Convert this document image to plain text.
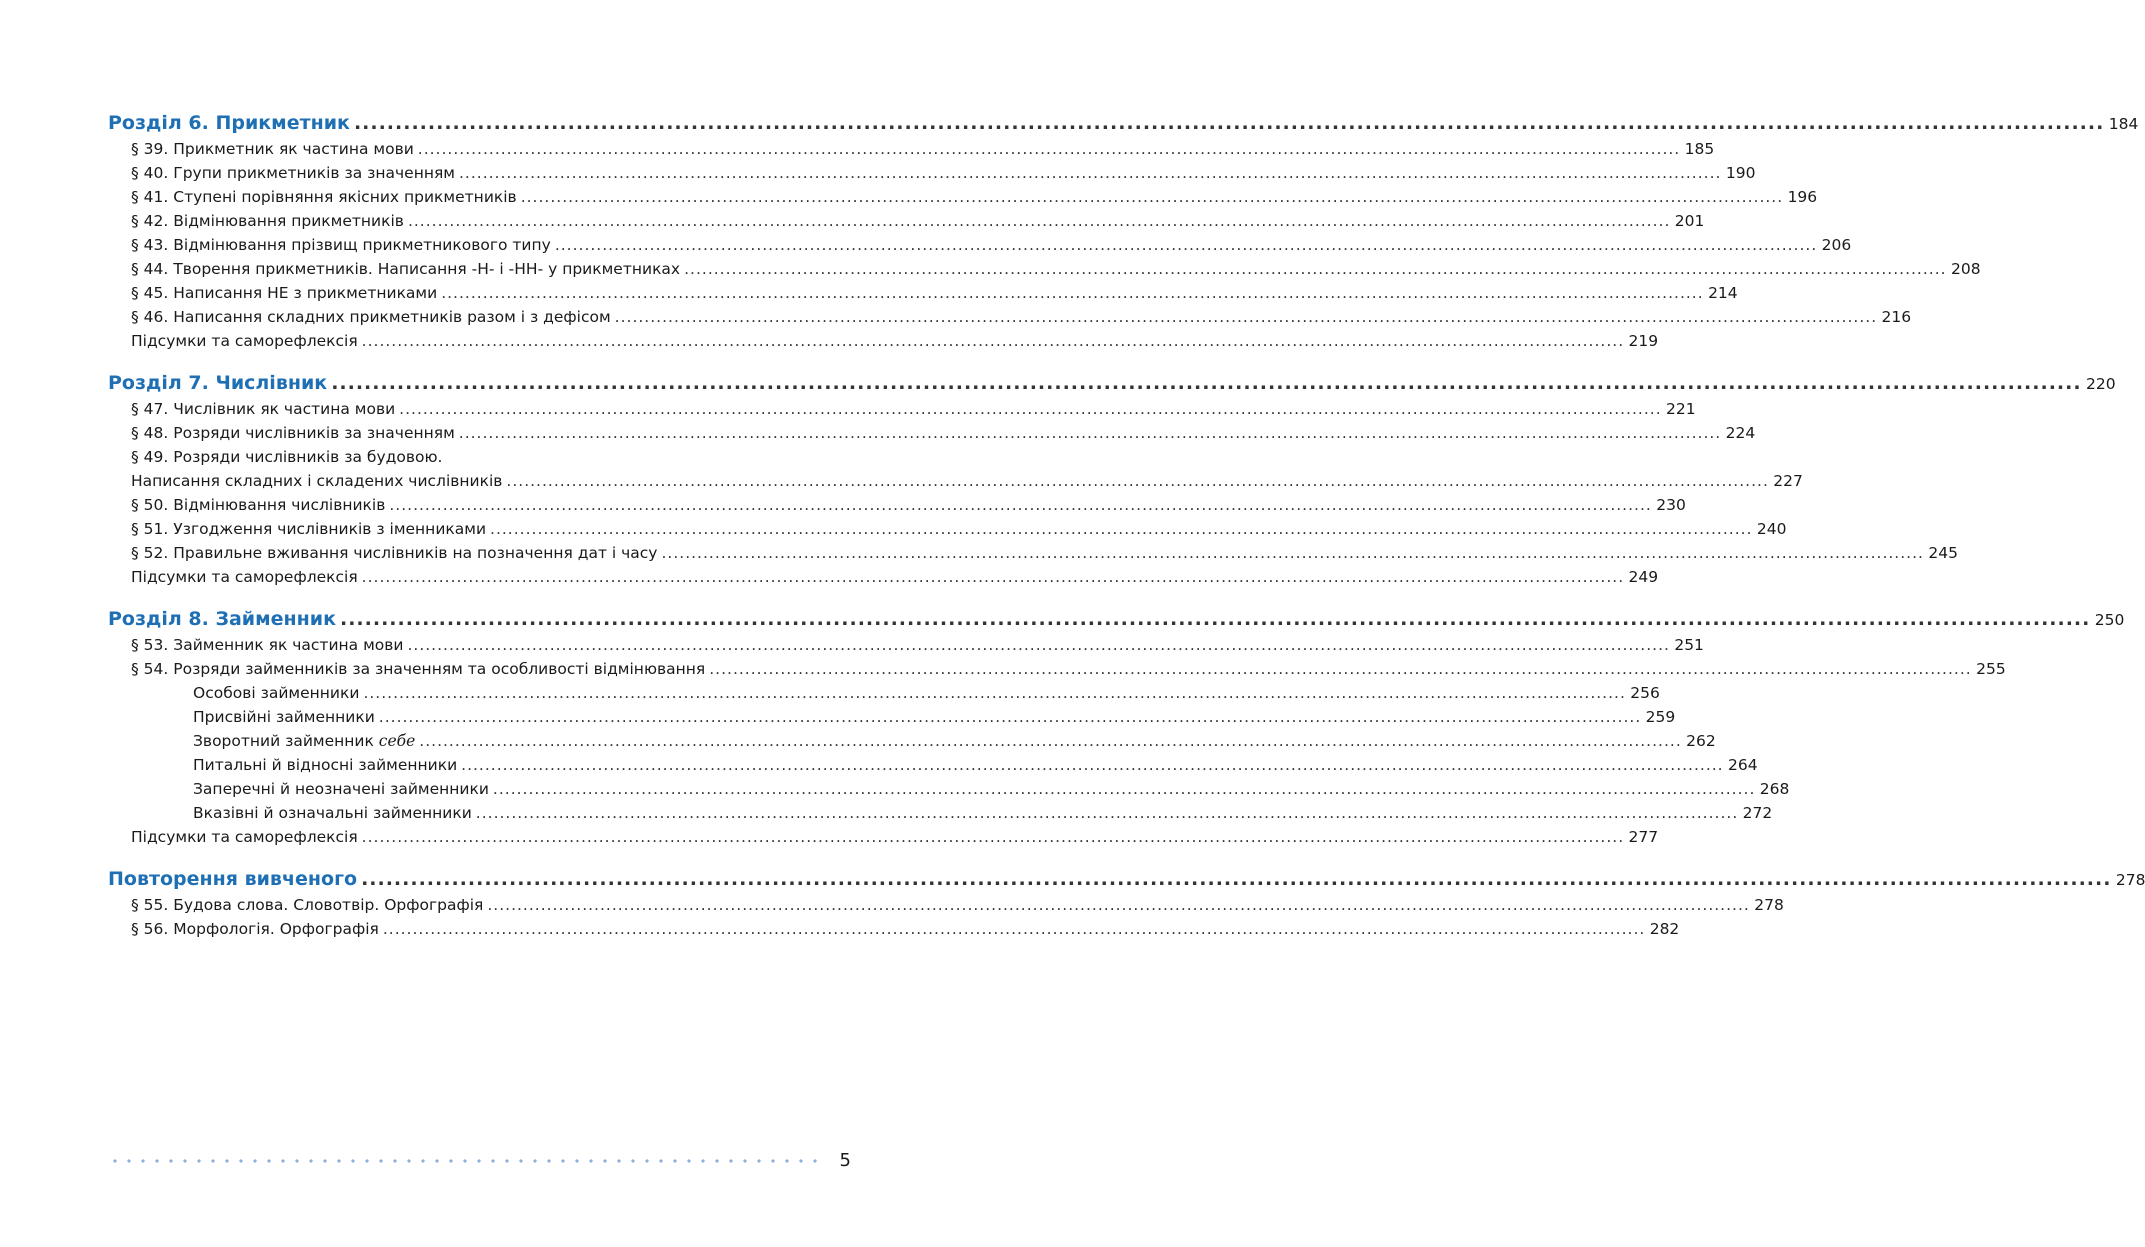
Розділ 6. Прикметник .....	184
§ 39. Прикметник як частина мови .....	185
§ 40. Групи прикметників за значенням .....	190
§ 41. Ступені порівняння якісних прикметників .....	196
§ 42. Відмінювання прикметників .....	201
§ 43. Відмінювання прізвищ прикметникового типу .....	206
§ 44. Творення прикметників. Написання -Н- і -НН- у прикметниках .....	208
§ 45. Написання НЕ з прикметниками .....	214
§ 46. Написання складних прикметників разом і з дефісом .....	216
Підсумки та саморефлексія .....	219
Розділ 7. Числівник .....	220
§ 47. Числівник як частина мови .....	221
§ 48. Розряди числівників за значенням .....	224
§ 49. Розряди числівників за будовою.
Написання складних і складених числівників .....	227
§ 50. Відмінювання числівників .....	230
§ 51. Узгодження числівників з іменниками .....	240
§ 52. Правильне вживання числівників на позначення дат і часу .....	245
Підсумки та саморефлексія .....	249
Розділ 8. Займенник .....	250
§ 53. Займенник як частина мови .....	251
§ 54. Розряди займенників за значенням та особливості відмінювання .....	255
Особові займенники .....	256
Присвійні займенники .....	259
Зворотний займенник себе .....	262
Питальні й відносні займенники .....	264
Заперечні й неозначені займенники .....	268
Вказівні й означальні займенники .....	272
Підсумки та саморефлексія .....	277
Повторення вивченого .....	278
§ 55. Будова слова. Словотвір. Орфографія .....	278
§ 56. Морфологія. Орфографія .....	282
5
